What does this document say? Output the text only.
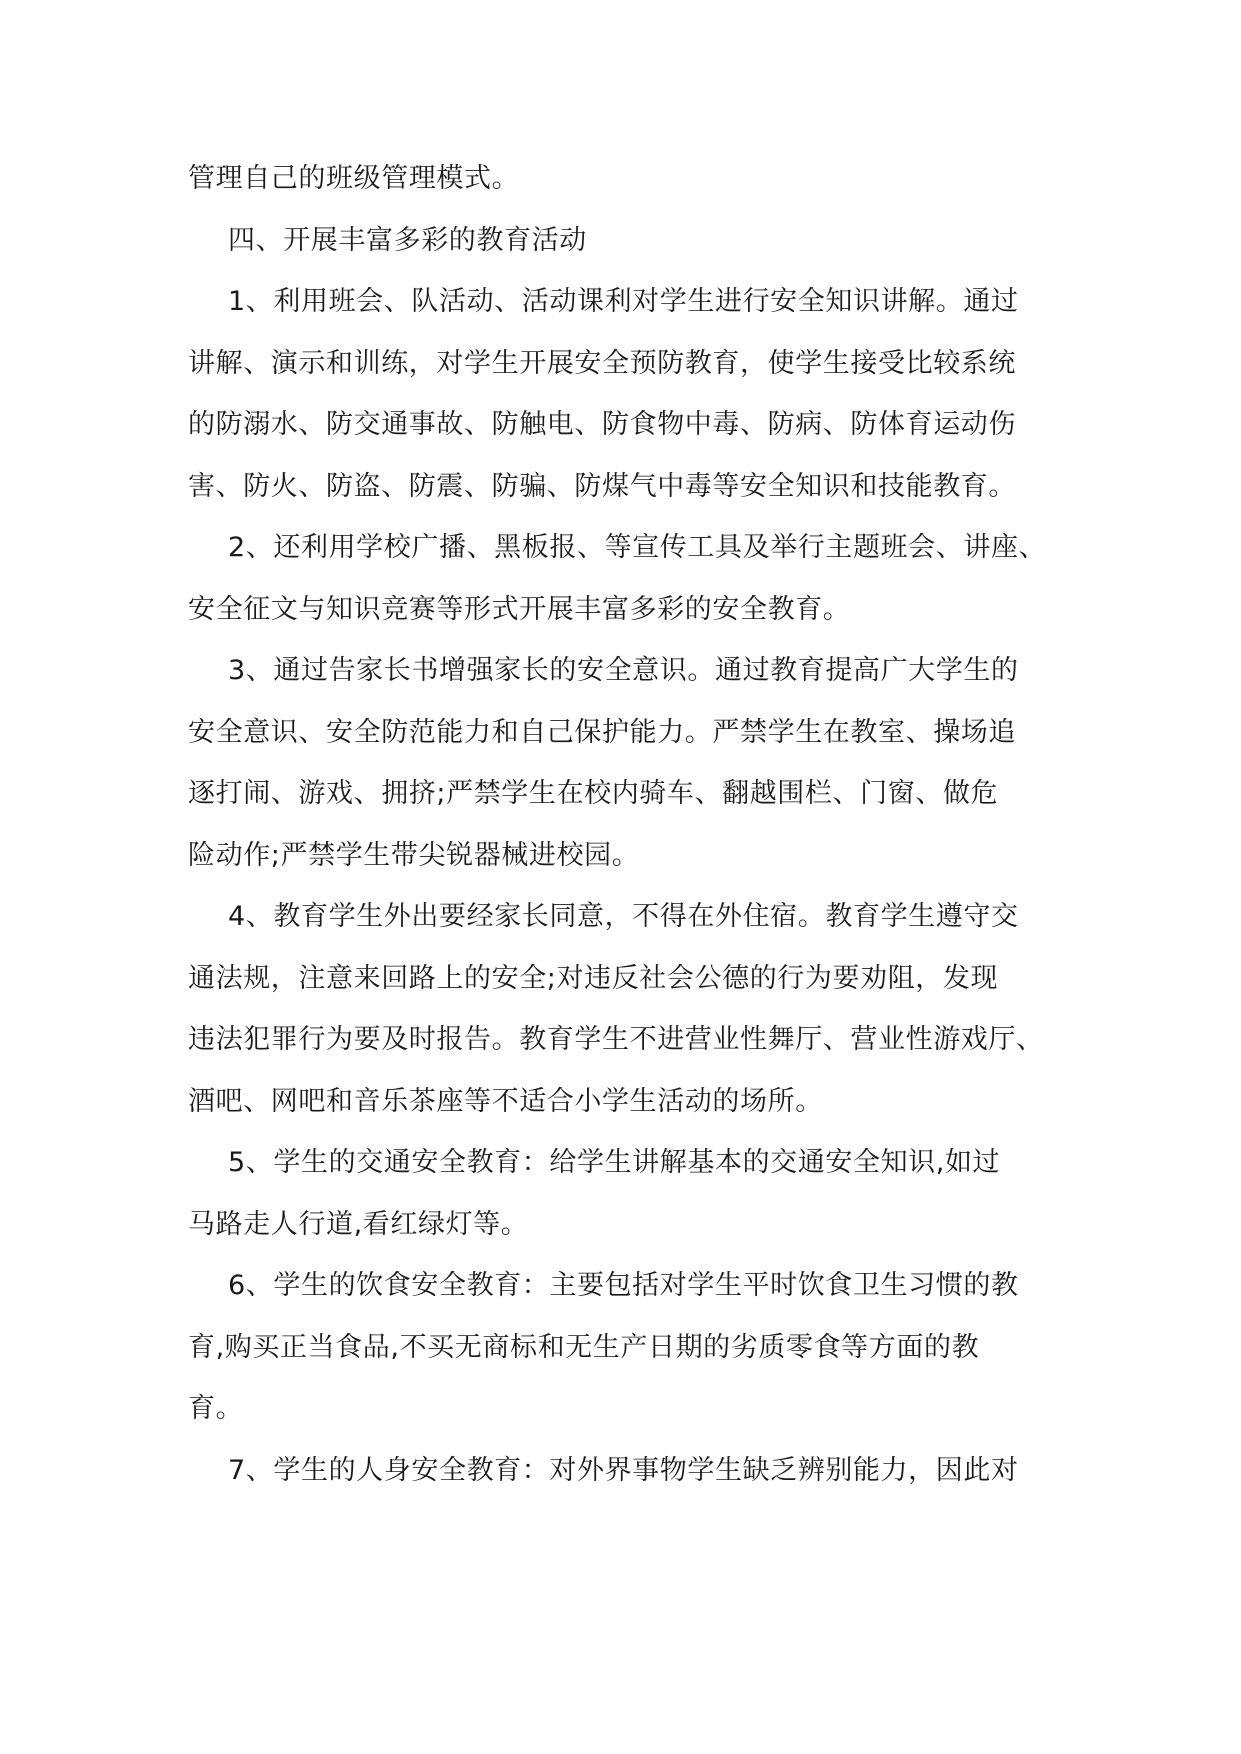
管理自己的班级管理模式。
四、开展丰富多彩的教育活动
1、利用班会、队活动、活动课利对学生进行安全知识讲解。通过
讲解、演示和训练，对学生开展安全预防教育，使学生接受比较系统
的防溺水、防交通事故、防触电、防食物中毒、防病、防体育运动伤
害、防火、防盗、防震、防骗、防煤气中毒等安全知识和技能教育。
2、还利用学校广播、黑板报、等宣传工具及举行主题班会、讲座、
安全征文与知识竞赛等形式开展丰富多彩的安全教育。
3、通过告家长书增强家长的安全意识。通过教育提高广大学生的
安全意识、安全防范能力和自己保护能力。严禁学生在教室、操场追
逐打闹、游戏、拥挤;严禁学生在校内骑车、翻越围栏、门窗、做危
险动作;严禁学生带尖锐器械进校园。
4、教育学生外出要经家长同意，不得在外住宿。教育学生遵守交
通法规，注意来回路上的安全;对违反社会公德的行为要劝阻，发现
违法犯罪行为要及时报告。教育学生不进营业性舞厅、营业性游戏厅、
酒吧、网吧和音乐茶座等不适合小学生活动的场所。
5、学生的交通安全教育：给学生讲解基本的交通安全知识,如过
马路走人行道,看红绿灯等。
6、学生的饮食安全教育：主要包括对学生平时饮食卫生习惯的教
育,购买正当食品,不买无商标和无生产日期的劣质零食等方面的教
育。
7、学生的人身安全教育：对外界事物学生缺乏辨别能力，因此对
